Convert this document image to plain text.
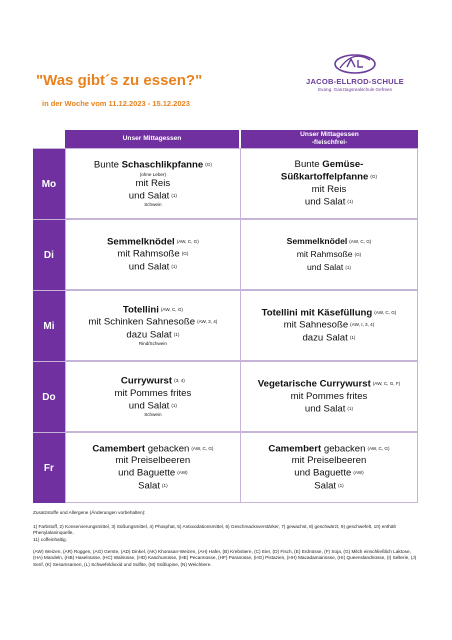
"Was gibt´s zu essen?"
in der Woche vom 11.12.2023 - 15.12.2023
JACOB-ELLROD-SCHULE
Evang. Ganztagsrealschule Gefrees
Unser Mittagessen
Unser Mittagessen
-fleischfrei-
Mo
Bunte Schaschlikpfanne (G)
(ohne Leber)
mit Reis
und Salat (1)
Schwein
Bunte Gemüse-
Süßkartoffelpfanne (G)
mit Reis
und Salat (1)
Di
Semmelknödel (AW, C, G)
mit Rahmsoße (G)
und Salat (1)
Semmelknödel (AW, C, G)
mit Rahmsoße (G)
und Salat (1)
Mi
Totellini (AW, C, G)
mit Schinken Sahnesoße (AW, 3, 4)
dazu Salat (1)
Rind/Schwein
Totellini mit Käsefüllung (AW, C, G)
mit Sahnesoße (AW, I, 3, 4)
dazu Salat (1)
Do
Currywurst (3, 4)
mit Pommes frites
und Salat (1)
Schwein
Vegetarische Currywurst (AW, C, G, F)
mit Pommes frites
und Salat (1)
Fr
Camembert gebacken (AW, C, G)
mit Preiselbeeren
und Baguette (AW)
Salat (1)
Camembert gebacken (AW, C, G)
mit Preiselbeeren
und Baguette (AW)
Salat (1)
Zusatzstoffe und Allergene (Änderungen vorbehalten):
1) Farbstoff, 2) Konservierungsmittel, 3) Süßungsmittel, 4) Phosphat, 5) Antioxidationsmittel, 6) Geschmacksverstärker, 7) gewachst, 8) geschwärzt, 9) geschwefelt, 10) enthält Phenylalaninquelle,
11) coffeinhaltig.
(AW) Weizen, (AR) Roggen, (AG) Gerste, (AD) Dinkel, (AK) Khorasan-Weizen, (AH) Hafer, (B) Krebstiere, (C) Eier, (D) Fisch, (E) Erdnüsse, (F) Soja, (G) Milch einschließlich Laktose, (HA) Mandeln, (HB) Haselnüsse, (HC) Walnüsse, (HD) Kaschunüsse, (HE) Pecannüsse, (HF) Paranüsse, (HG) Pistazien, (HH) Macadamianüsse, (HI) Queenslandnüsse, (I) Sellerie, (J) Senf, (K) Sesamsamen, (L) Schwefeldioxid und Sulfite, (M) Süßlupine, (N) Weichtiere.
